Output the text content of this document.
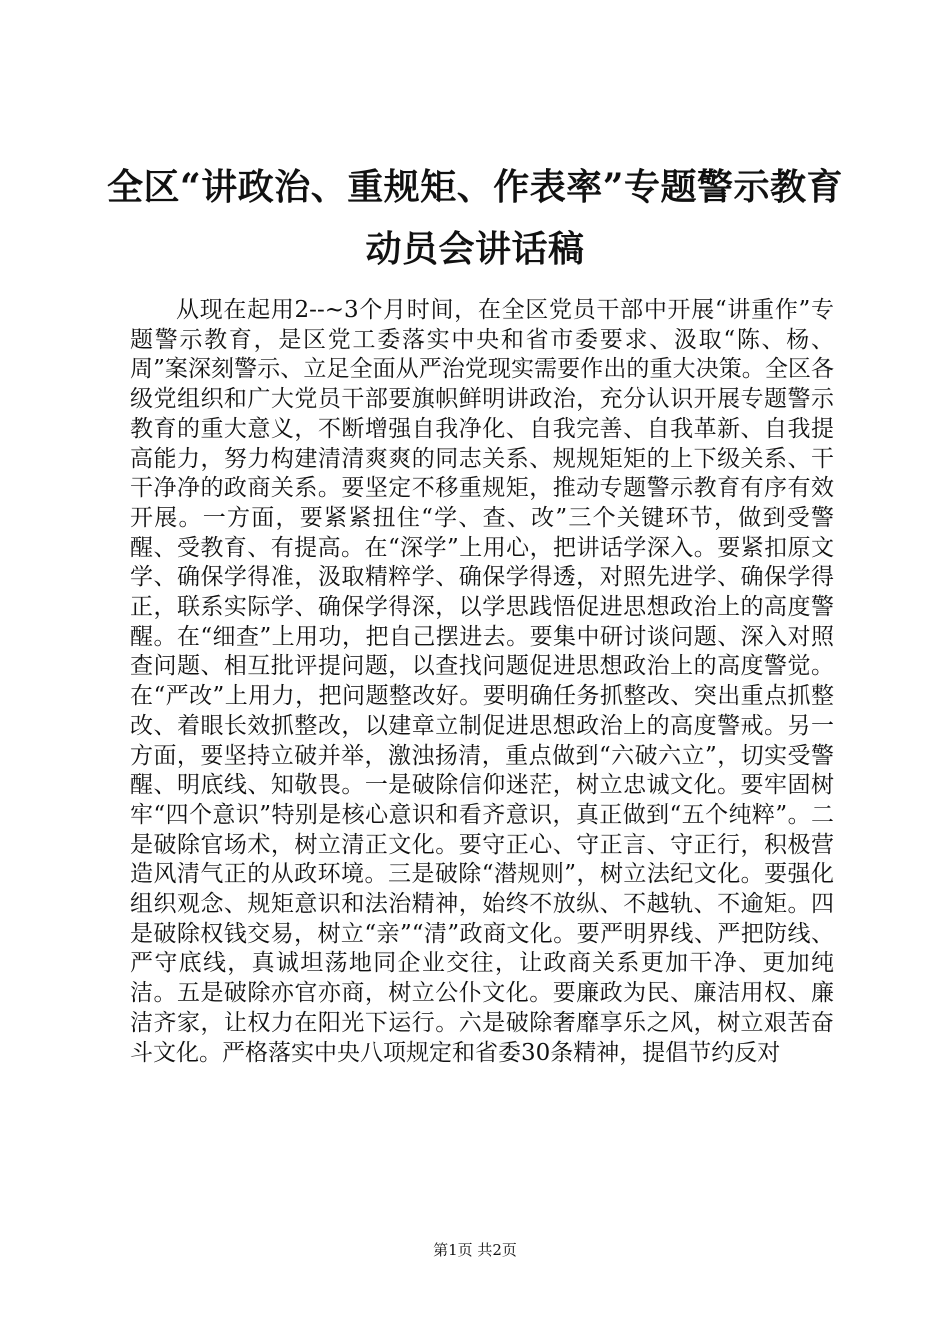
全区“讲政治、重规矩、作表率”专题警示教育动员会讲话稿

从现在起用2--~3个月时间，在全区党员干部中开展“讲重作”专题警示教育，是区党工委落实中央和省市委要求、汲取“陈、杨、周”案深刻警示、立足全面从严治党现实需要作出的重大决策。全区各级党组织和广大党员干部要旗帜鲜明讲政治，充分认识开展专题警示教育的重大意义，不断增强自我净化、自我完善、自我革新、自我提高能力，努力构建清清爽爽的同志关系、规规矩矩的上下级关系、干干净净的政商关系。要坚定不移重规矩，推动专题警示教育有序有效开展。一方面，要紧紧扭住“学、查、改”三个关键环节，做到受警醒、受教育、有提高。在“深学”上用心，把讲话学深入。要紧扣原文学、确保学得准，汲取精粹学、确保学得透，对照先进学、确保学得正，联系实际学、确保学得深，以学思践悟促进思想政治上的高度警醒。在“细查”上用功，把自己摆进去。要集中研讨谈问题、深入对照查问题、相互批评提问题，以查找问题促进思想政治上的高度警觉。在“严改”上用力，把问题整改好。要明确任务抓整改、突出重点抓整改、着眼长效抓整改，以建章立制促进思想政治上的高度警戒。另一方面，要坚持立破并举，激浊扬清，重点做到“六破六立”，切实受警醒、明底线、知敬畏。一是破除信仰迷茫，树立忠诚文化。要牢固树牢“四个意识”特别是核心意识和看齐意识，真正做到“五个纯粹”。二是破除官场术，树立清正文化。要守正心、守正言、守正行，积极营造风清气正的从政环境。三是破除“潜规则”，树立法纪文化。要强化组织观念、规矩意识和法治精神，始终不放纵、不越轨、不逾矩。四是破除权钱交易，树立“亲”“清”政商文化。要严明界线、严把防线、严守底线，真诚坦荡地同企业交往，让政商关系更加干净、更加纯洁。五是破除亦官亦商，树立公仆文化。要廉政为民、廉洁用权、廉洁齐家，让权力在阳光下运行。六是破除奢靡享乐之风，树立艰苦奋斗文化。严格落实中央八项规定和省委30条精神，提倡节约反对

第1页 共2页
